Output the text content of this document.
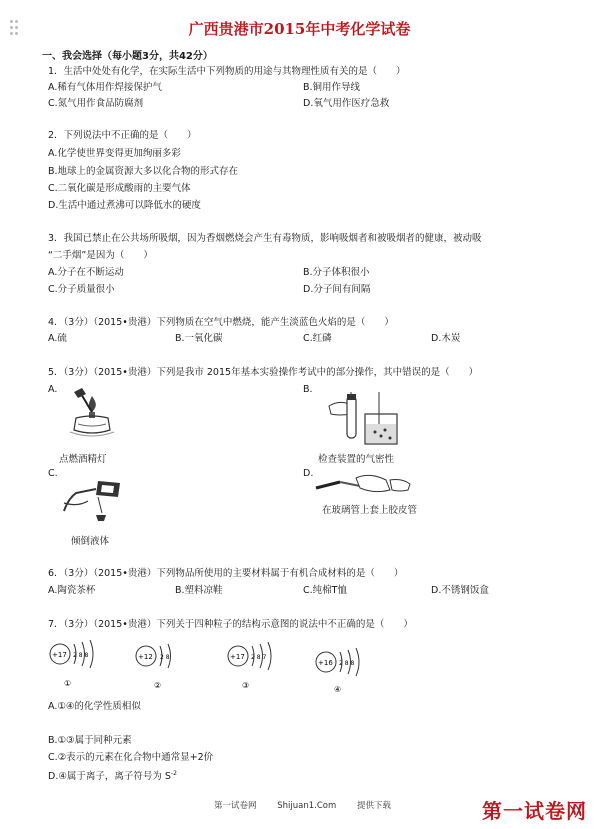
广西贵港市2015年中考化学试卷
一、我会选择（每小题3分，共42分）
1．生活中处处有化学，在实际生活中下列物质的用途与其物理性质有关的是（　　）
A.稀有气体用作焊接保护气	B.铜用作导线
C.氮气用作食品防腐剂	D.氧气用作医疗急救
2．下列说法中不正确的是（　　）
A.化学使世界变得更加绚丽多彩
B.地球上的金属资源大多以化合物的形式存在
C.二氧化碳是形成酸雨的主要气体
D.生活中通过煮沸可以降低水的硬度
3．我国已禁止在公共场所吸烟，因为香烟燃烧会产生有毒物质，影响吸烟者和被吸烟者的健康，被动吸
“二手烟”是因为（　　）
A.分子在不断运动	B.分子体积很小
C.分子质量很小	D.分子间有间隔
4．（3分）（2015•贵港）下列物质在空气中燃烧，能产生淡蓝色火焰的是（　　）
A.硫	B.一氧化碳	C.红磷	D.木炭
5．（3分）（2015•贵港）下列是我市 2015年基本实验操作考试中的部分操作，其中错误的是（　　）
A.	B.
点燃酒精灯	检查装置的气密性
C.	D.
倾倒液体
在玻璃管上套上胶皮管
6．（3分）（2015•贵港）下列物品所使用的主要材料属于有机合成材料的是（　　）
A.陶瓷茶杯	B.塑料凉鞋	C.纯棉T恤	D.不锈钢饭盒
7．（3分）（2015•贵港）下列关于四种粒子的结构示意图的说法中不正确的是（　　）
+17 2 8 8
①
+12 2 8
②
+17 2 8 7
③
+16 2 8 8
④
A.①④的化学性质相似
B.①③属于同种元素
C.②表示的元素在化合物中通常显+2价
D.④属于离子，离子符号为 $S^{-2}$
第一试卷网 Shijuan1.Com 提供下载	第一试卷网
